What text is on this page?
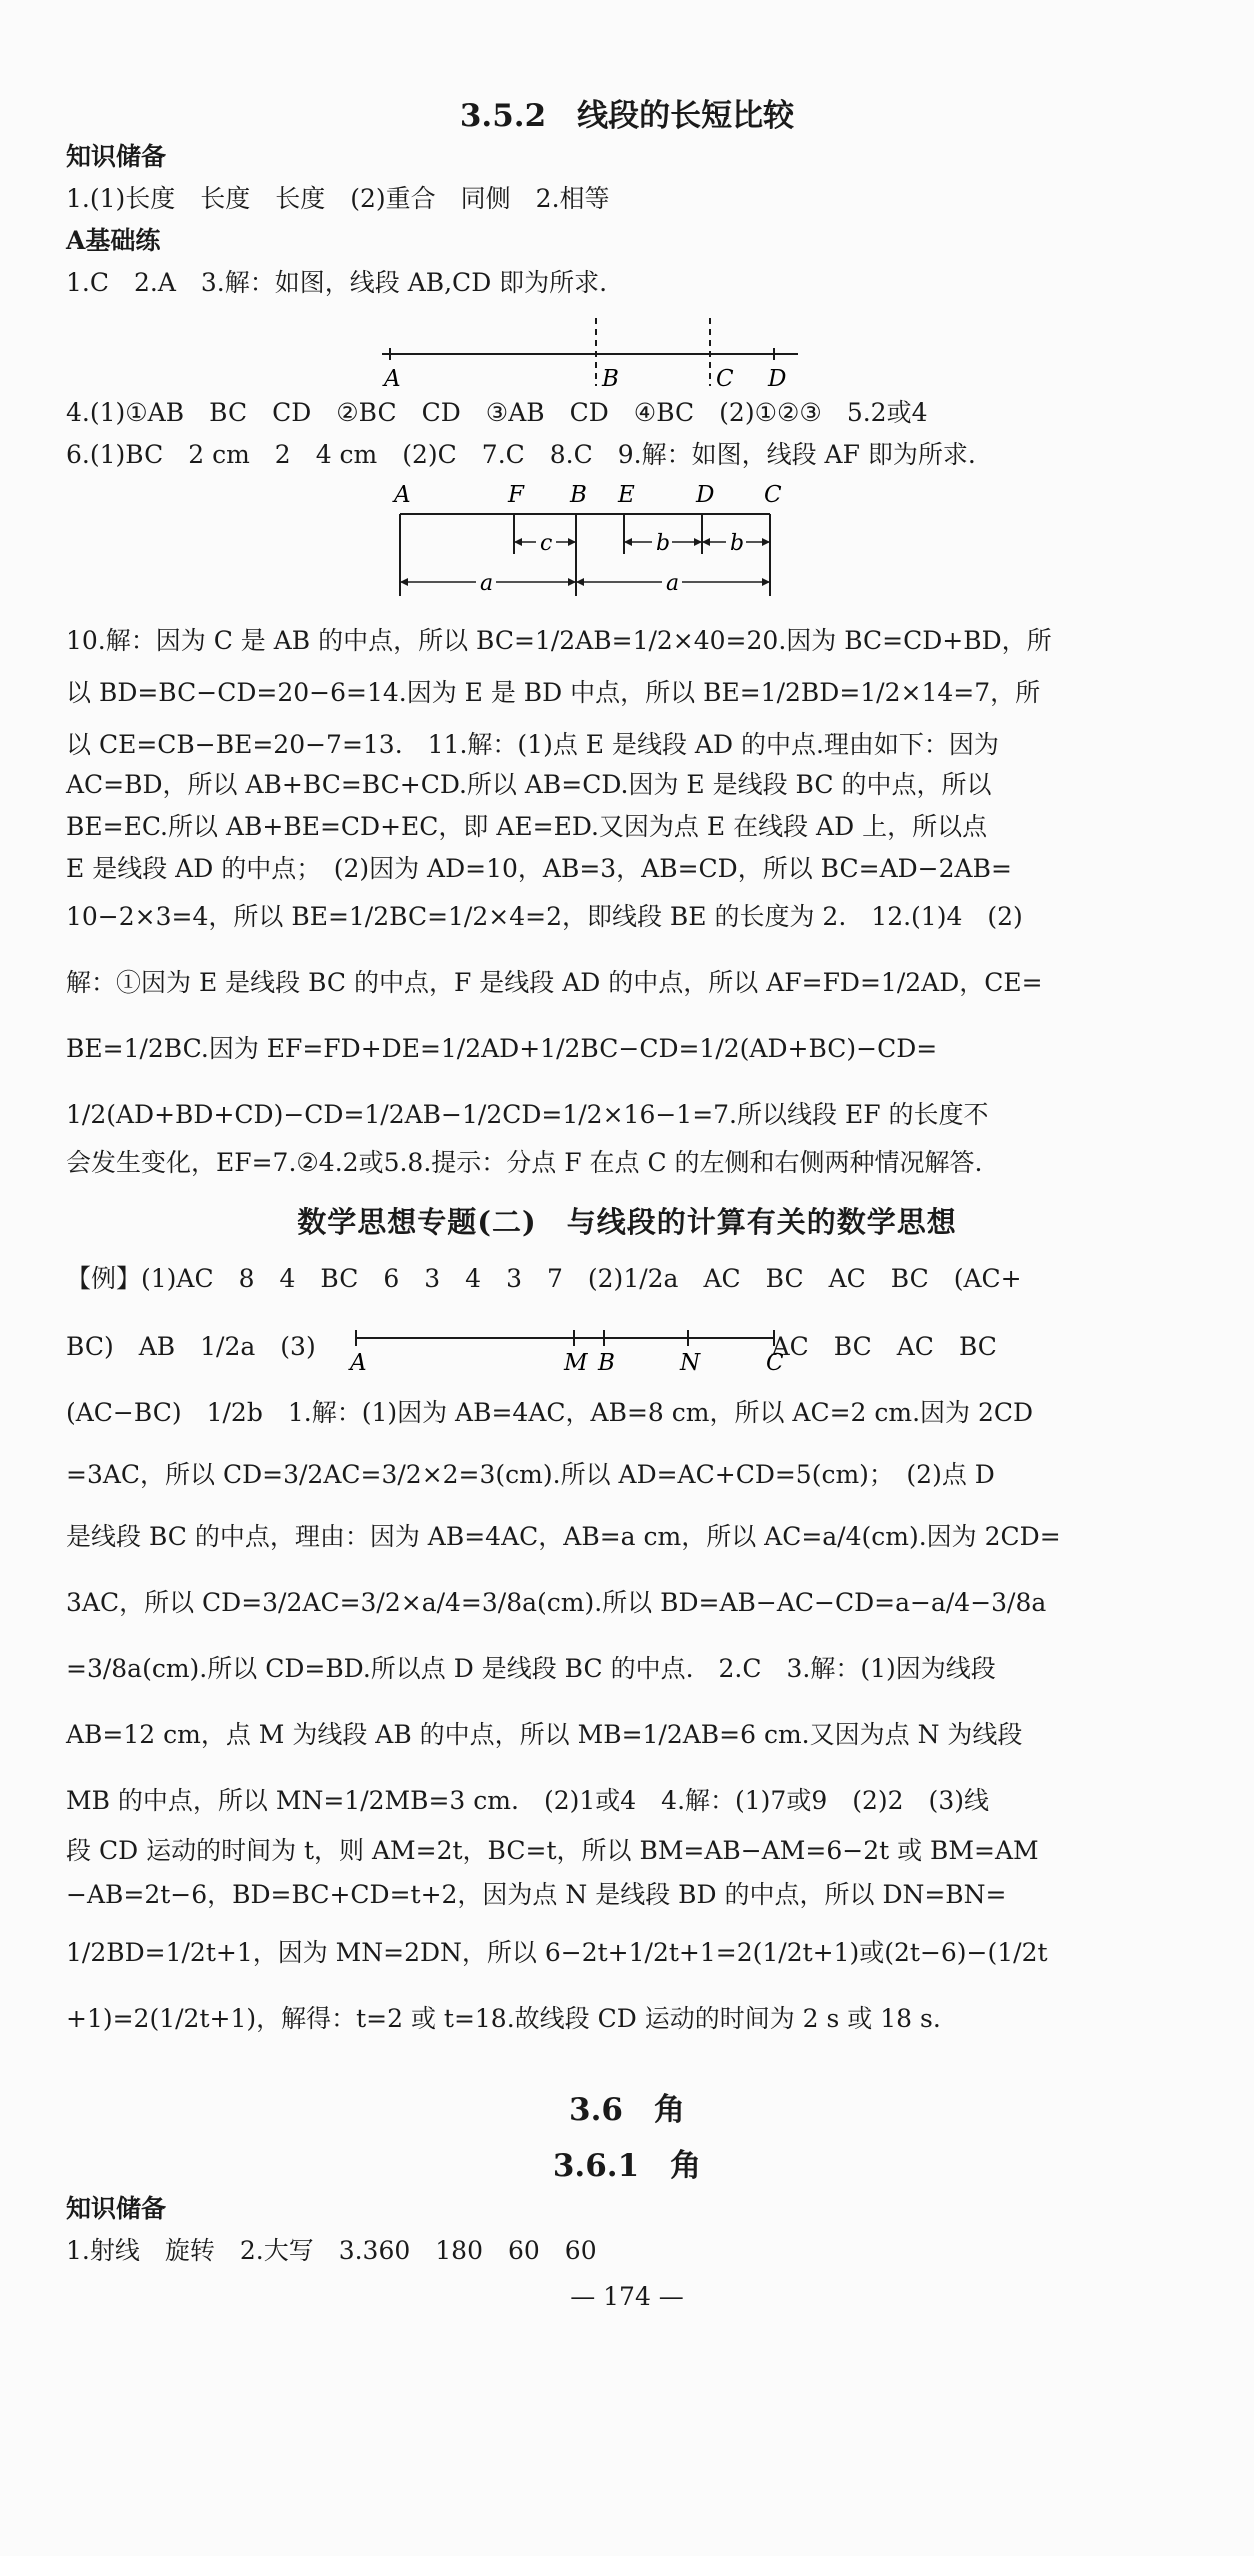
3.5.2　线段的长短比较
知识储备
1.(1)长度　长度　长度　(2)重合　同侧　2.相等
A基础练
1.C　2.A　3.解：如图，线段 AB,CD 即为所求.
A	B	C D
4.(1)①AB　BC　CD　②BC　CD　③AB　CD　④BC　(2)①②③　5.2或4
6.(1)BC　2 cm　2　4 cm　(2)C　7.C　8.C　9.解：如图，线段 AF 即为所求.
A	F B E	D C
c	b	b
a	a
10.解：因为 C 是 AB 的中点，所以 BC=1/2AB=1/2×40=20.因为 BC=CD+BD，所
以 BD=BC−CD=20−6=14.因为 E 是 BD 中点，所以 BE=1/2BD=1/2×14=7，所
以 CE=CB−BE=20−7=13.　11.解：(1)点 E 是线段 AD 的中点.理由如下：因为
AC=BD，所以 AB+BC=BC+CD.所以 AB=CD.因为 E 是线段 BC 的中点，所以
BE=EC.所以 AB+BE=CD+EC，即 AE=ED.又因为点 E 在线段 AD 上，所以点
E 是线段 AD 的中点；　(2)因为 AD=10，AB=3，AB=CD，所以 BC=AD−2AB=
10−2×3=4，所以 BE=1/2BC=1/2×4=2，即线段 BE 的长度为 2.　12.(1)4　(2)
解：①因为 E 是线段 BC 的中点，F 是线段 AD 的中点，所以 AF=FD=1/2AD，CE=
BE=1/2BC.因为 EF=FD+DE=1/2AD+1/2BC−CD=1/2(AD+BC)−CD=
1/2(AD+BD+CD)−CD=1/2AB−1/2CD=1/2×16−1=7.所以线段 EF 的长度不
会发生变化，EF=7.②4.2或5.8.提示：分点 F 在点 C 的左侧和右侧两种情况解答.
数学思想专题(二)　与线段的计算有关的数学思想
【例】(1)AC　8　4　BC　6　3　4　3　7　(2)1/2a　AC　BC　AC　BC　(AC+
BC)　AB　1/2a　(3)	AC　BC　AC　BC
A	M B	N	C
(AC−BC)　1/2b　1.解：(1)因为 AB=4AC，AB=8 cm，所以 AC=2 cm.因为 2CD
=3AC，所以 CD=3/2AC=3/2×2=3(cm).所以 AD=AC+CD=5(cm)；　(2)点 D
是线段 BC 的中点，理由：因为 AB=4AC，AB=a cm，所以 AC=a/4(cm).因为 2CD=
3AC，所以 CD=3/2AC=3/2×a/4=3/8a(cm).所以 BD=AB−AC−CD=a−a/4−3/8a
=3/8a(cm).所以 CD=BD.所以点 D 是线段 BC 的中点.　2.C　3.解：(1)因为线段
AB=12 cm，点 M 为线段 AB 的中点，所以 MB=1/2AB=6 cm.又因为点 N 为线段
MB 的中点，所以 MN=1/2MB=3 cm.　(2)1或4　4.解：(1)7或9　(2)2　(3)线
段 CD 运动的时间为 t，则 AM=2t，BC=t，所以 BM=AB−AM=6−2t 或 BM=AM
−AB=2t−6，BD=BC+CD=t+2，因为点 N 是线段 BD 的中点，所以 DN=BN=
1/2BD=1/2t+1，因为 MN=2DN，所以 6−2t+1/2t+1=2(1/2t+1)或(2t−6)−(1/2t
+1)=2(1/2t+1)，解得：t=2 或 t=18.故线段 CD 运动的时间为 2 s 或 18 s.
3.6　角
3.6.1　角
知识储备
1.射线　旋转　2.大写　3.360　180　60　60
— 174 —
